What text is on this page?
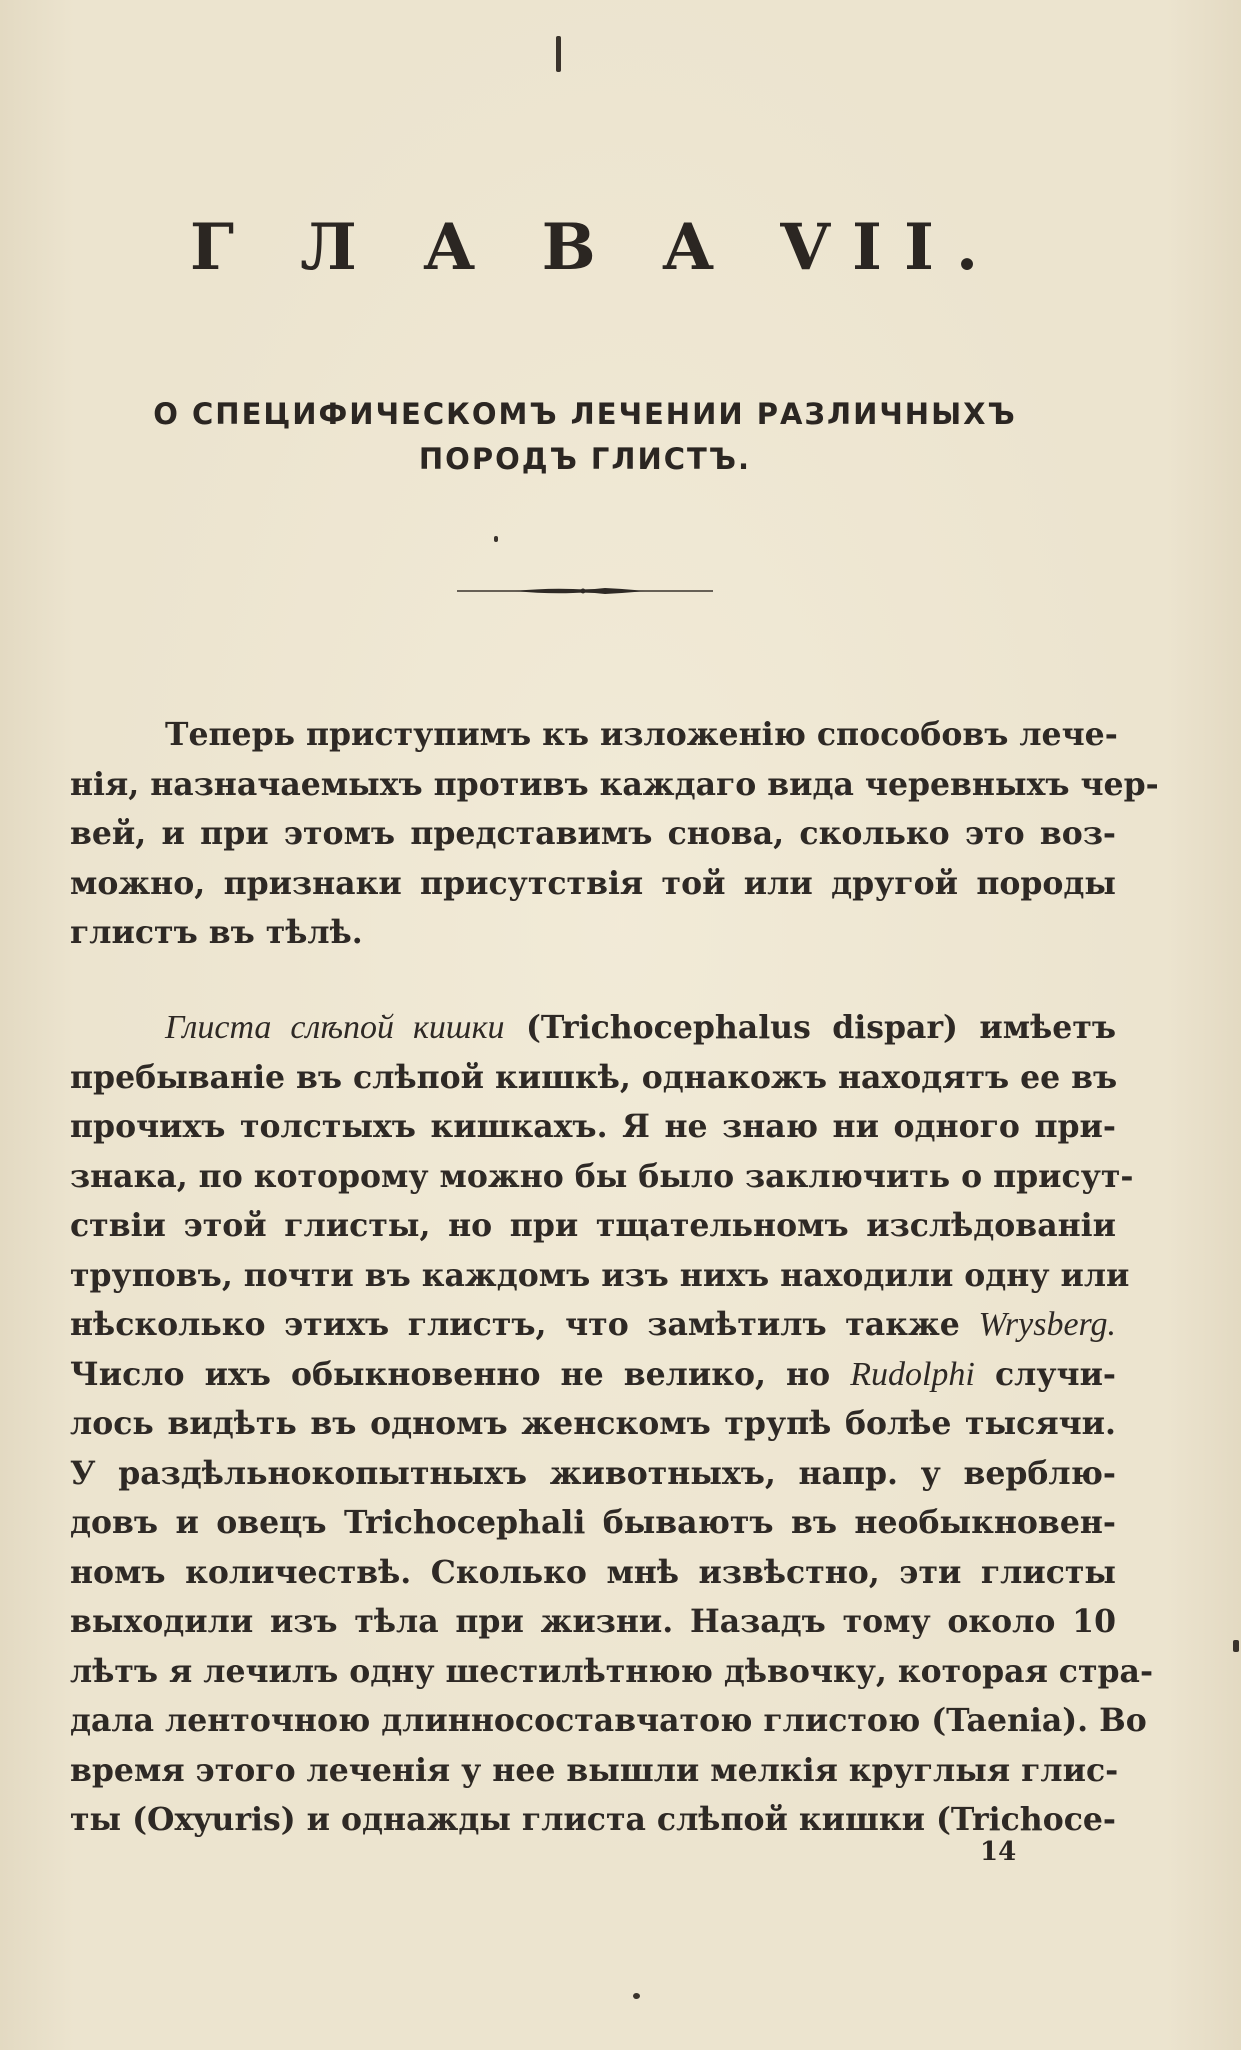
Г Л А В А VII.
О СПЕЦИФИЧЕСКОМЪ ЛЕЧЕНИИ РАЗЛИЧНЫХЪ
ПОРОДЪ ГЛИСТЪ.
Теперь приступимъ къ изложенію способовъ лече-
нія, назначаемыхъ противъ каждаго вида черевныхъ чер-
вей, и при этомъ представимъ снова, сколько это воз-
можно, признаки присутствія той или другой породы
глистъ въ тѣлѣ.
Глиста слѣпой кишки (Trichocephalus dispar) имѣетъ
пребываніе въ слѣпой кишкѣ, однакожъ находятъ ее въ
прочихъ толстыхъ кишкахъ. Я не знаю ни одного при-
знака, по которому можно бы было заключить о присут-
ствіи этой глисты, но при тщательномъ изслѣдованіи
труповъ, почти въ каждомъ изъ нихъ находили одну или
нѣсколько этихъ глистъ, что замѣтилъ также Wrysberg.
Число ихъ обыкновенно не велико, но Rudolphi случи-
лось видѣть въ одномъ женскомъ трупѣ болѣе тысячи.
У раздѣльнокопытныхъ животныхъ, напр. у верблю-
довъ и овецъ Trichocephali бываютъ въ необыкновен-
номъ количествѣ. Сколько мнѣ извѣстно, эти глисты
выходили изъ тѣла при жизни. Назадъ тому около 10
лѣтъ я лечилъ одну шестилѣтнюю дѣвочку, которая стра-
дала ленточною длинносоставчатою глистою (Taenia). Во
время этого леченія у нее вышли мелкія круглыя глис-
ты (Oxyuris) и однажды глиста слѣпой кишки (Trichoce-
14
